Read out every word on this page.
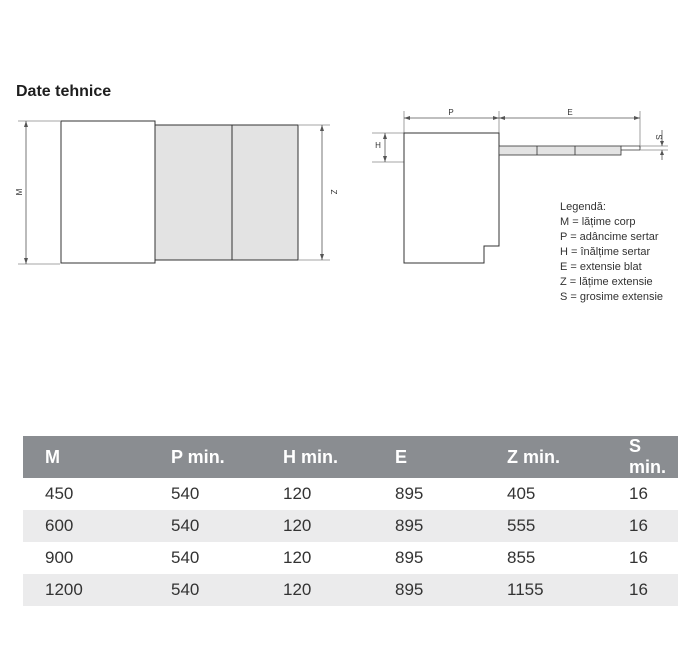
Date tehnice
M	Z
P	E
H
S
Legendă:
M = lățime corp
P = adâncime sertar
H = înălțime sertar
E = extensie blat
Z = lățime extensie
S = grosime extensie
M	P min.	H min.	E	Z min.	S min.
450	540	120	895	405	16
600	540	120	895	555	16
900	540	120	895	855	16
1200	540	120	895	1155	16
